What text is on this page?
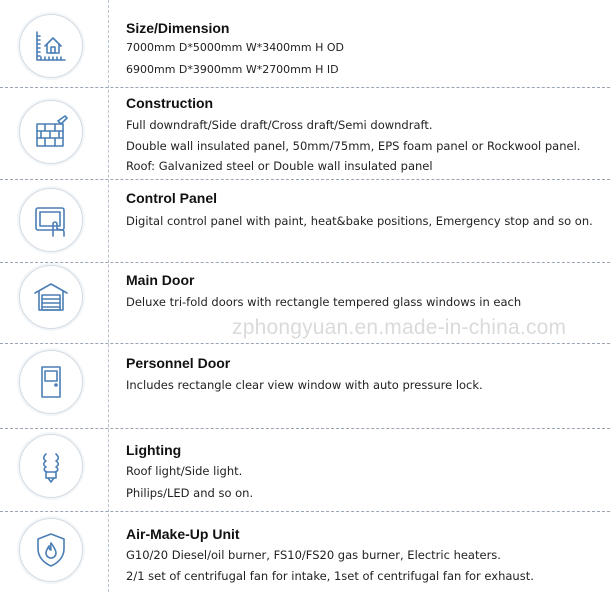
Size/Dimension
7000mm D*5000mm W*3400mm H OD
6900mm D*3900mm W*2700mm H ID
Construction
Full downdraft/Side draft/Cross draft/Semi downdraft.
Double wall insulated panel, 50mm/75mm, EPS foam panel or Rockwool panel.
Roof: Galvanized steel or Double wall insulated panel
Control Panel
Digital control panel with paint, heat&bake positions, Emergency stop and so on.
Main Door
Deluxe tri-fold doors with rectangle tempered glass windows in each
zphongyuan.en.made-in-china.com
Personnel Door
Includes rectangle clear view window with auto pressure lock.
Lighting
Roof light/Side light.
Philips/LED and so on.
Air-Make-Up Unit
G10/20 Diesel/oil burner, FS10/FS20 gas burner, Electric heaters.
2/1 set of centrifugal fan for intake, 1set of centrifugal fan for exhaust.
